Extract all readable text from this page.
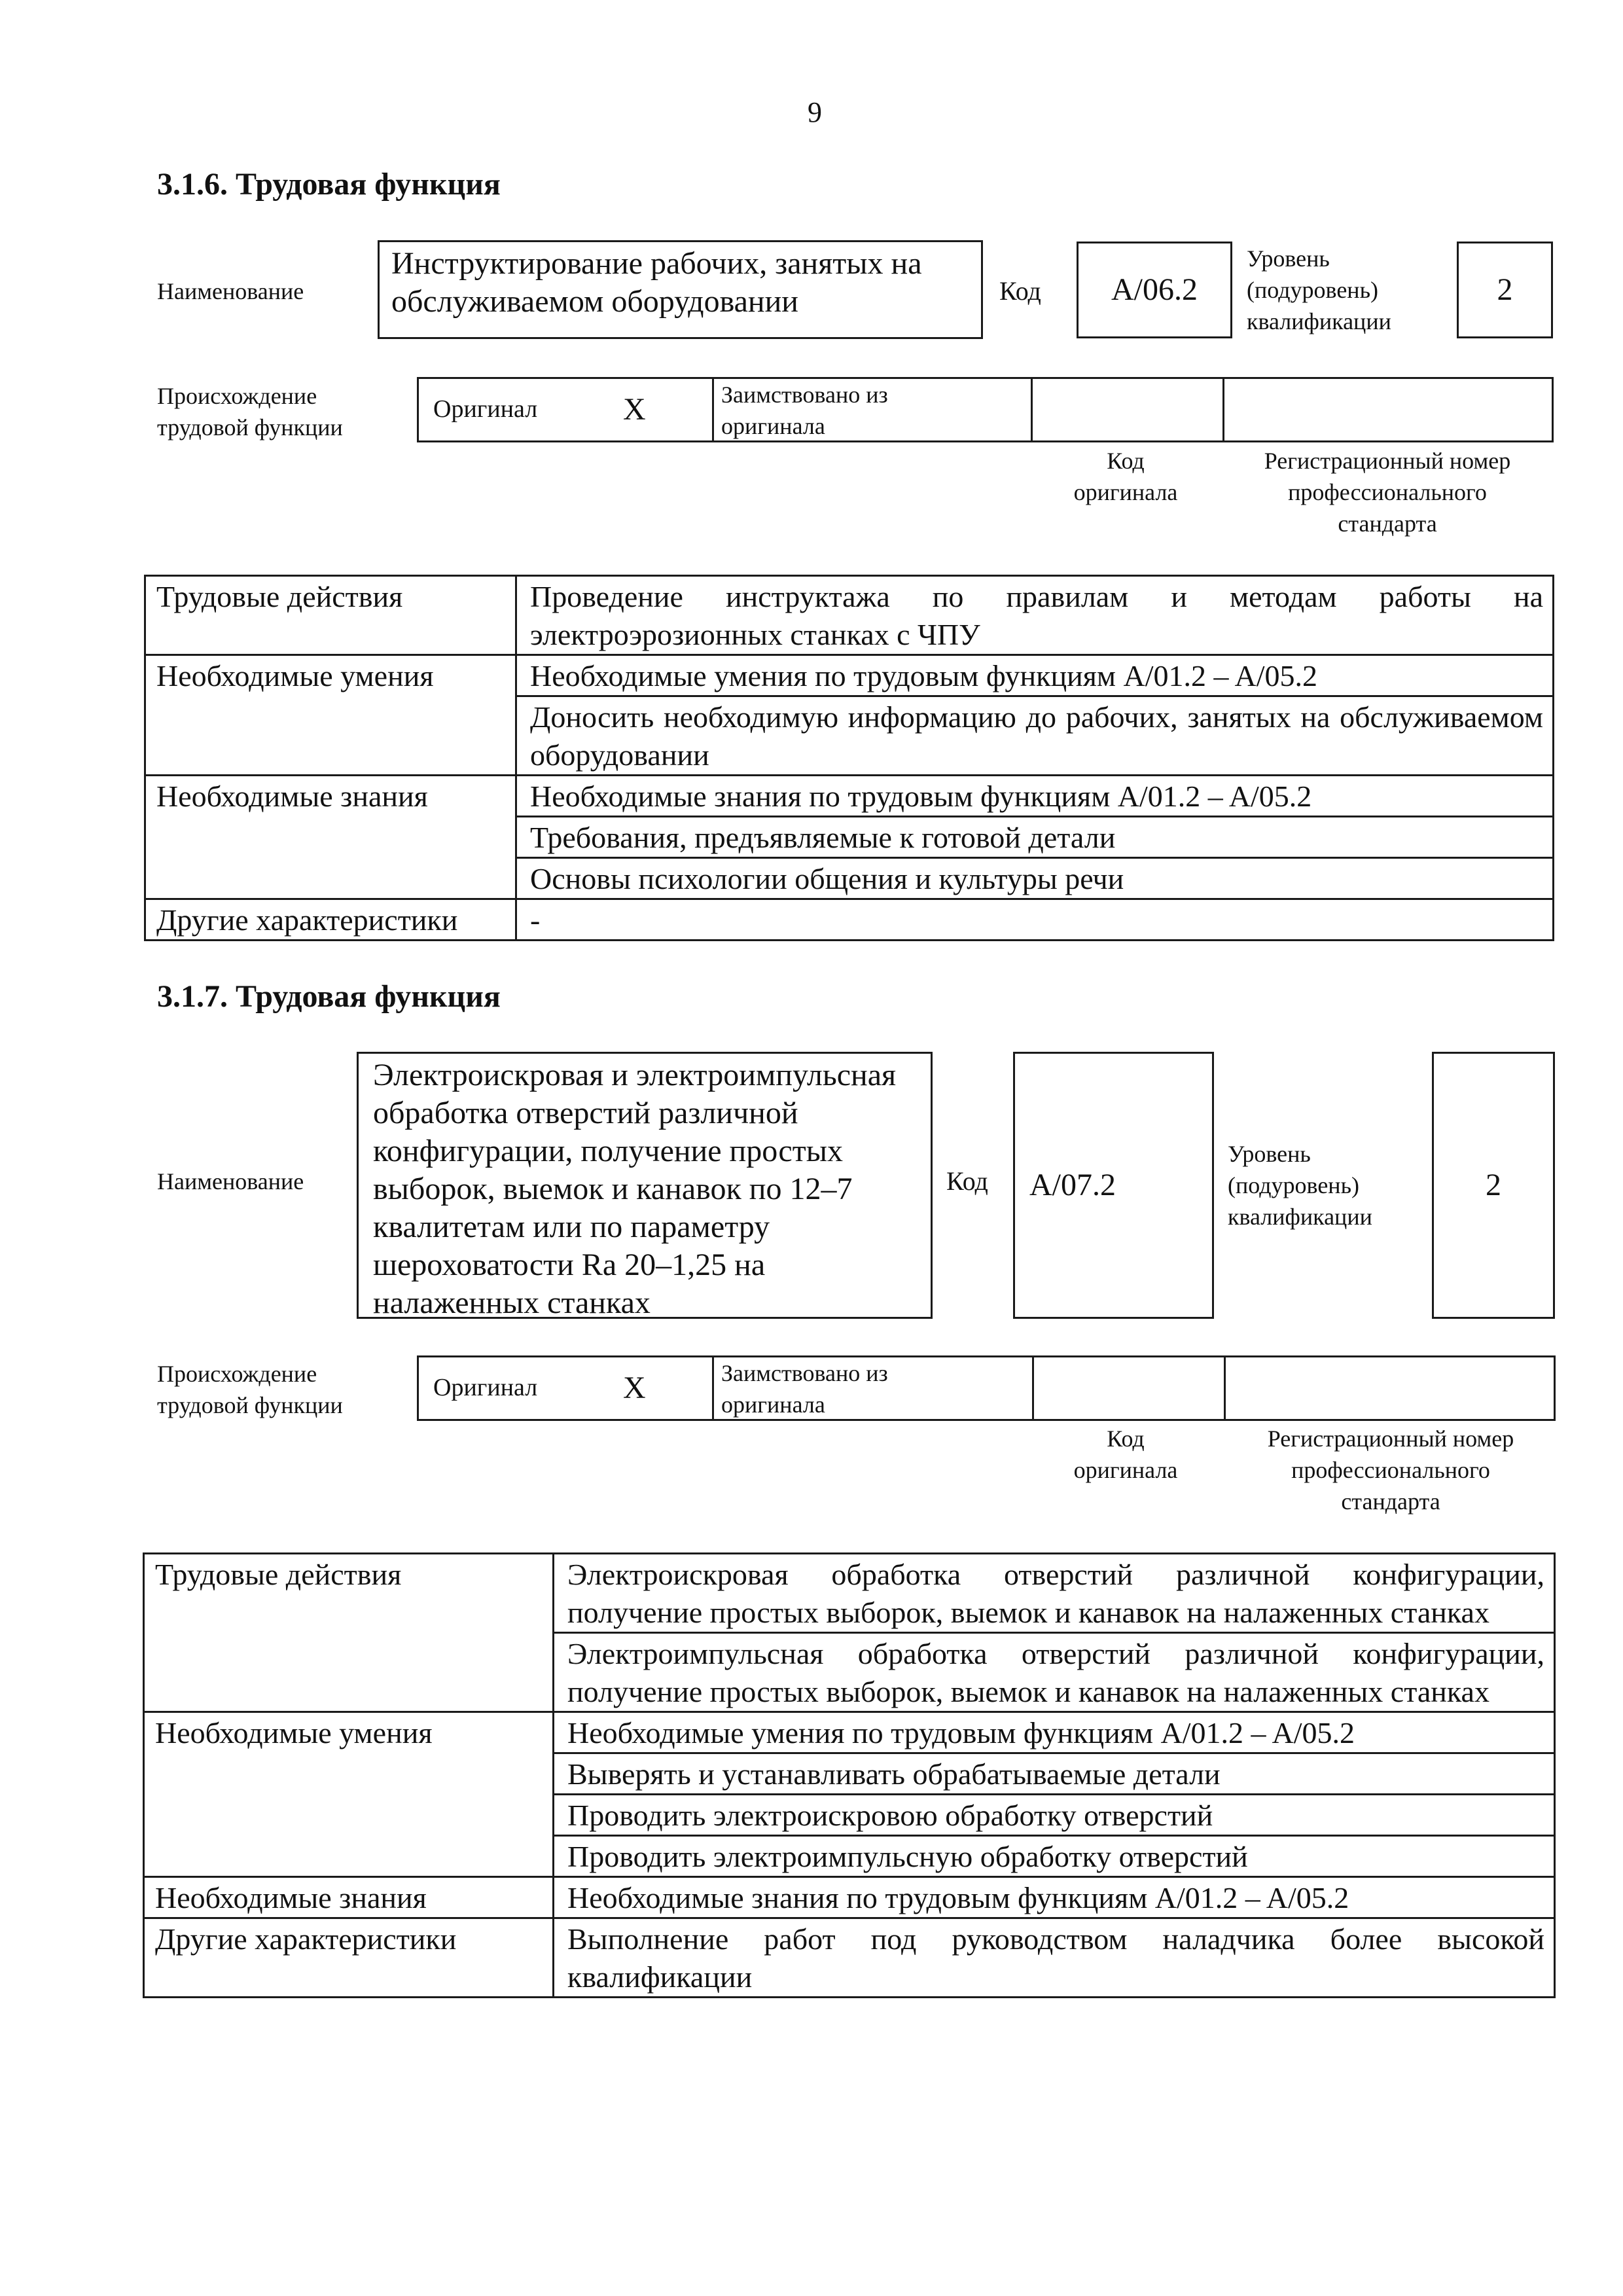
9
3.1.6. Трудовая функция
Наименование
Инструктирование рабочих, занятых на обслуживаемом оборудовании	Код A/06.2
Уровень (подуровень) квалификации
2
Происхождение трудовой функции
Оригинал	X	Заимствовано из оригинала
Код оригинала
Регистрационный номер профессионального стандарта
Трудовые действия	Проведение инструктажа по правилам и методам работы на электроэрозионных станках с ЧПУ
Необходимые умения	Необходимые умения по трудовым функциям A/01.2 – A/05.2
	Доносить необходимую информацию до рабочих, занятых на обслуживаемом оборудовании
Необходимые знания	Необходимые знания по трудовым функциям A/01.2 – A/05.2
	Требования, предъявляемые к готовой детали
	Основы психологии общения и культуры речи
Другие характеристики	-
3.1.7. Трудовая функция
Наименование
Электроискровая и электроимпульсная обработка отверстий различной конфигурации, получение простых выборок, выемок и канавок по 12–7 квалитетам или по параметру шероховатости Ra 20–1,25 на налаженных станках
Код A/07.2
Уровень (подуровень) квалификации
2
Происхождение трудовой функции
Оригинал	X	Заимствовано из оригинала
Код оригинала
Регистрационный номер профессионального стандарта
Трудовые действия	Электроискровая обработка отверстий различной конфигурации, получение простых выборок, выемок и канавок на налаженных станках
	Электроимпульсная обработка отверстий различной конфигурации, получение простых выборок, выемок и канавок на налаженных станках
Необходимые умения	Необходимые умения по трудовым функциям A/01.2 – A/05.2
	Выверять и устанавливать обрабатываемые детали
	Проводить электроискровою обработку отверстий
	Проводить электроимпульсную обработку отверстий
Необходимые знания	Необходимые знания по трудовым функциям A/01.2 – A/05.2
Другие характеристики	Выполнение работ под руководством наладчика более высокой квалификации
